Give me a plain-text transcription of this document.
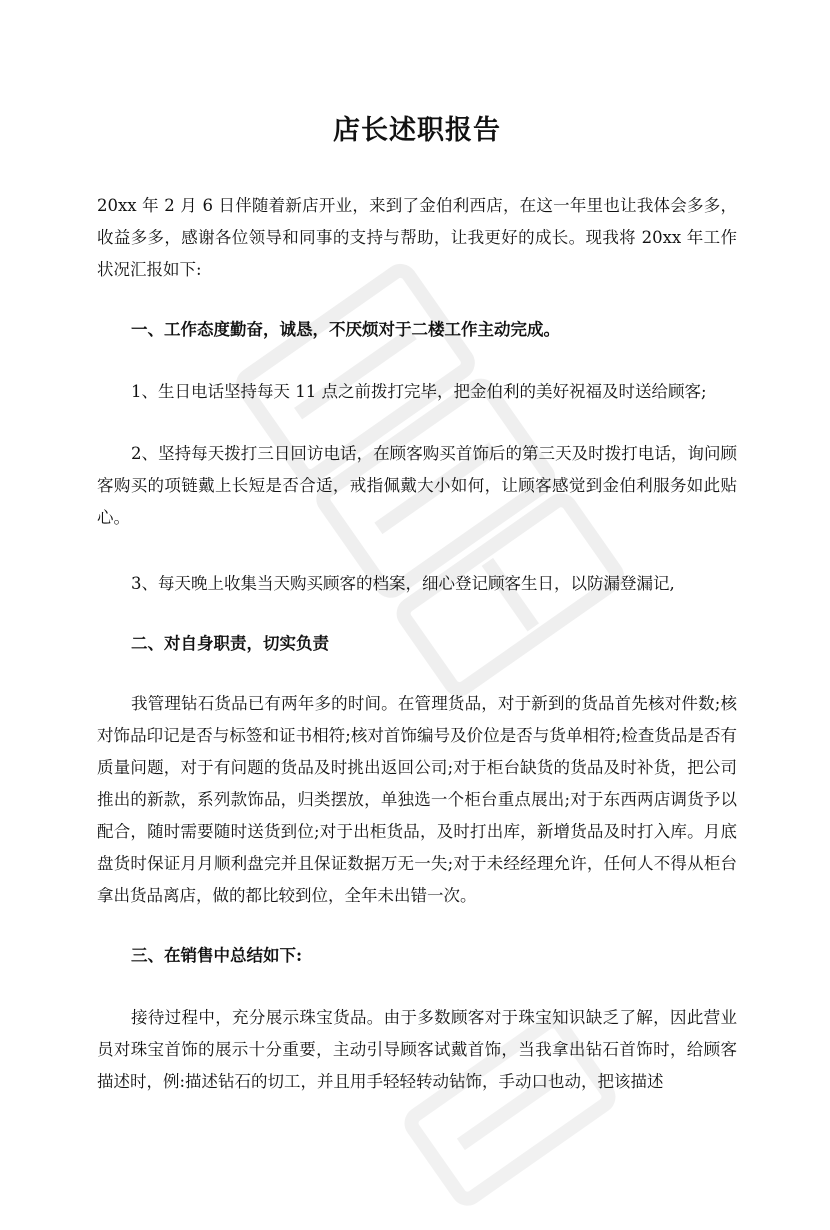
店长述职报告

20xx 年 2 月 6 日伴随着新店开业，来到了金伯利西店，在这一年里也让我体会多多，收益多多，感谢各位领导和同事的支持与帮助，让我更好的成长。现我将 20xx 年工作状况汇报如下:

一、工作态度勤奋，诚恳，不厌烦对于二楼工作主动完成。

1、生日电话坚持每天 11 点之前拨打完毕，把金伯利的美好祝福及时送给顾客;

2、坚持每天拨打三日回访电话，在顾客购买首饰后的第三天及时拨打电话，询问顾客购买的项链戴上长短是否合适，戒指佩戴大小如何，让顾客感觉到金伯利服务如此贴心。

3、每天晚上收集当天购买顾客的档案，细心登记顾客生日，以防漏登漏记,

二、对自身职责，切实负责

我管理钻石货品已有两年多的时间。在管理货品，对于新到的货品首先核对件数;核对饰品印记是否与标签和证书相符;核对首饰编号及价位是否与货单相符;检查货品是否有质量问题，对于有问题的货品及时挑出返回公司;对于柜台缺货的货品及时补货，把公司推出的新款，系列款饰品，归类摆放，单独选一个柜台重点展出;对于东西两店调货予以配合，随时需要随时送货到位;对于出柜货品，及时打出库，新增货品及时打入库。月底盘货时保证月月顺利盘完并且保证数据万无一失;对于未经经理允许，任何人不得从柜台拿出货品离店，做的都比较到位，全年未出错一次。

三、在销售中总结如下:

接待过程中，充分展示珠宝货品。由于多数顾客对于珠宝知识缺乏了解，因此营业员对珠宝首饰的展示十分重要，主动引导顾客试戴首饰，当我拿出钻石首饰时，给顾客描述时，例:描述钻石的切工，并且用手轻轻转动钻饰，手动口也动，把该描述
